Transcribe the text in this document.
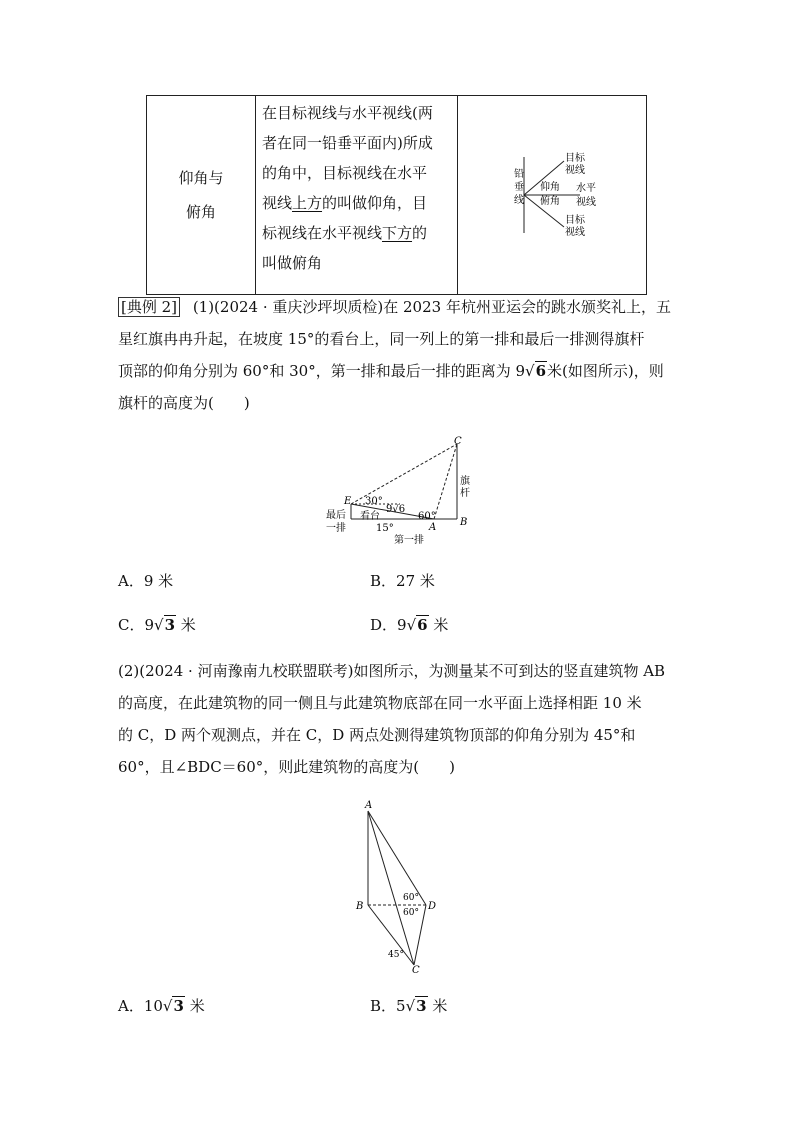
仰角与
俯角

在目标视线与水平视线(两
者在同一铅垂平面内)所成
的角中，目标视线在水平
视线上方的叫做仰角，目
标视线在水平视线下方的
叫做俯角

铅
垂
线
目标
视线
仰角
俯角
水平
视线
目标
视线
[典例 2] (1)(2024 · 重庆沙坪坝质检)在 2023 年杭州亚运会的跳水颁奖礼上，五
星红旗冉冉升起，在坡度 15°的看台上，同一列上的第一排和最后一排测得旗杆
顶部的仰角分别为 60°和 30°，第一排和最后一排的距离为 9√6米(如图所示)，则
旗杆的高度为(　　)
C
B
A
E
旗
杆
30°
60°
15°
9√6
看台
最后
一排
第一排
A．9 米	B．27 米
C．9√3 米	D．9√6 米
(2)(2024 · 河南豫南九校联盟联考)如图所示，为测量某不可到达的竖直建筑物 AB
的高度，在此建筑物的同一侧且与此建筑物底部在同一水平面上选择相距 10 米
的 C，D 两个观测点，并在 C，D 两点处测得建筑物顶部的仰角分别为 45°和
60°，且∠BDC＝60°，则此建筑物的高度为(　　)
A
B	D
C
60°
60°
45°
A．10√3 米	B．5√3 米
